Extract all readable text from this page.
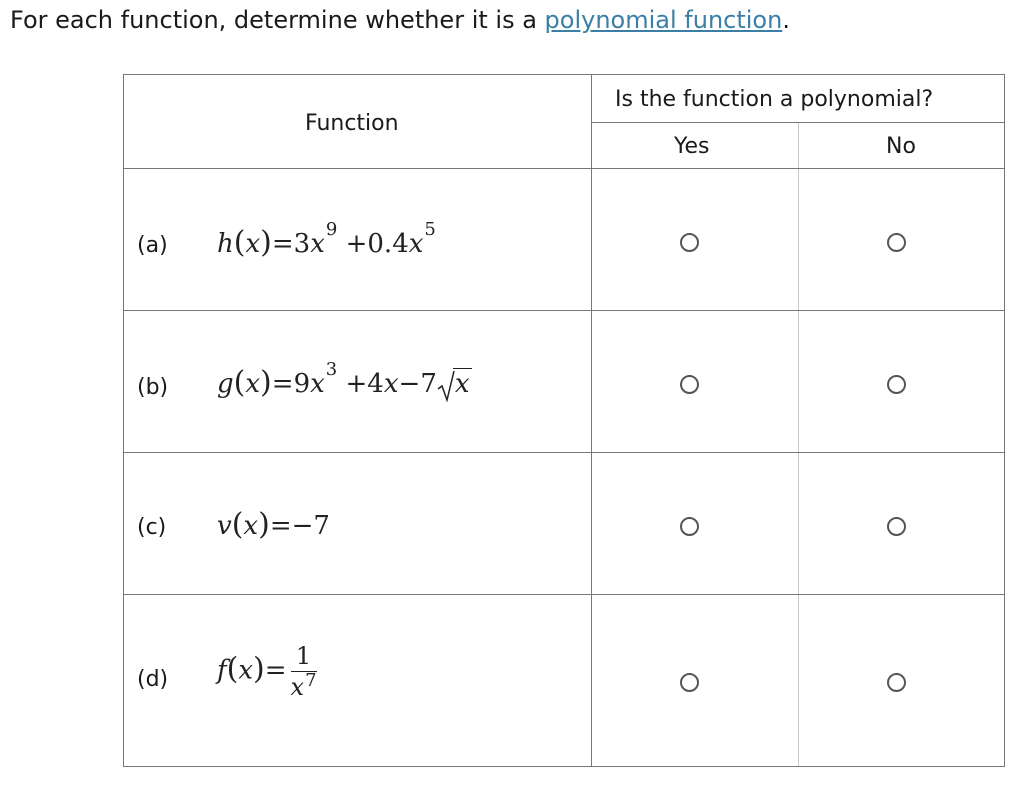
For each function, determine whether it is a polynomial function.
Function
Is the function a polynomial?
Yes	No
(a) $h(x)=3x^9 +0.4x^5$
(b) $g(x)=9x^3 +4x-7$ x
(c) v(x)=−7
(d) $f(x)= \frac{1}{x^7}$
